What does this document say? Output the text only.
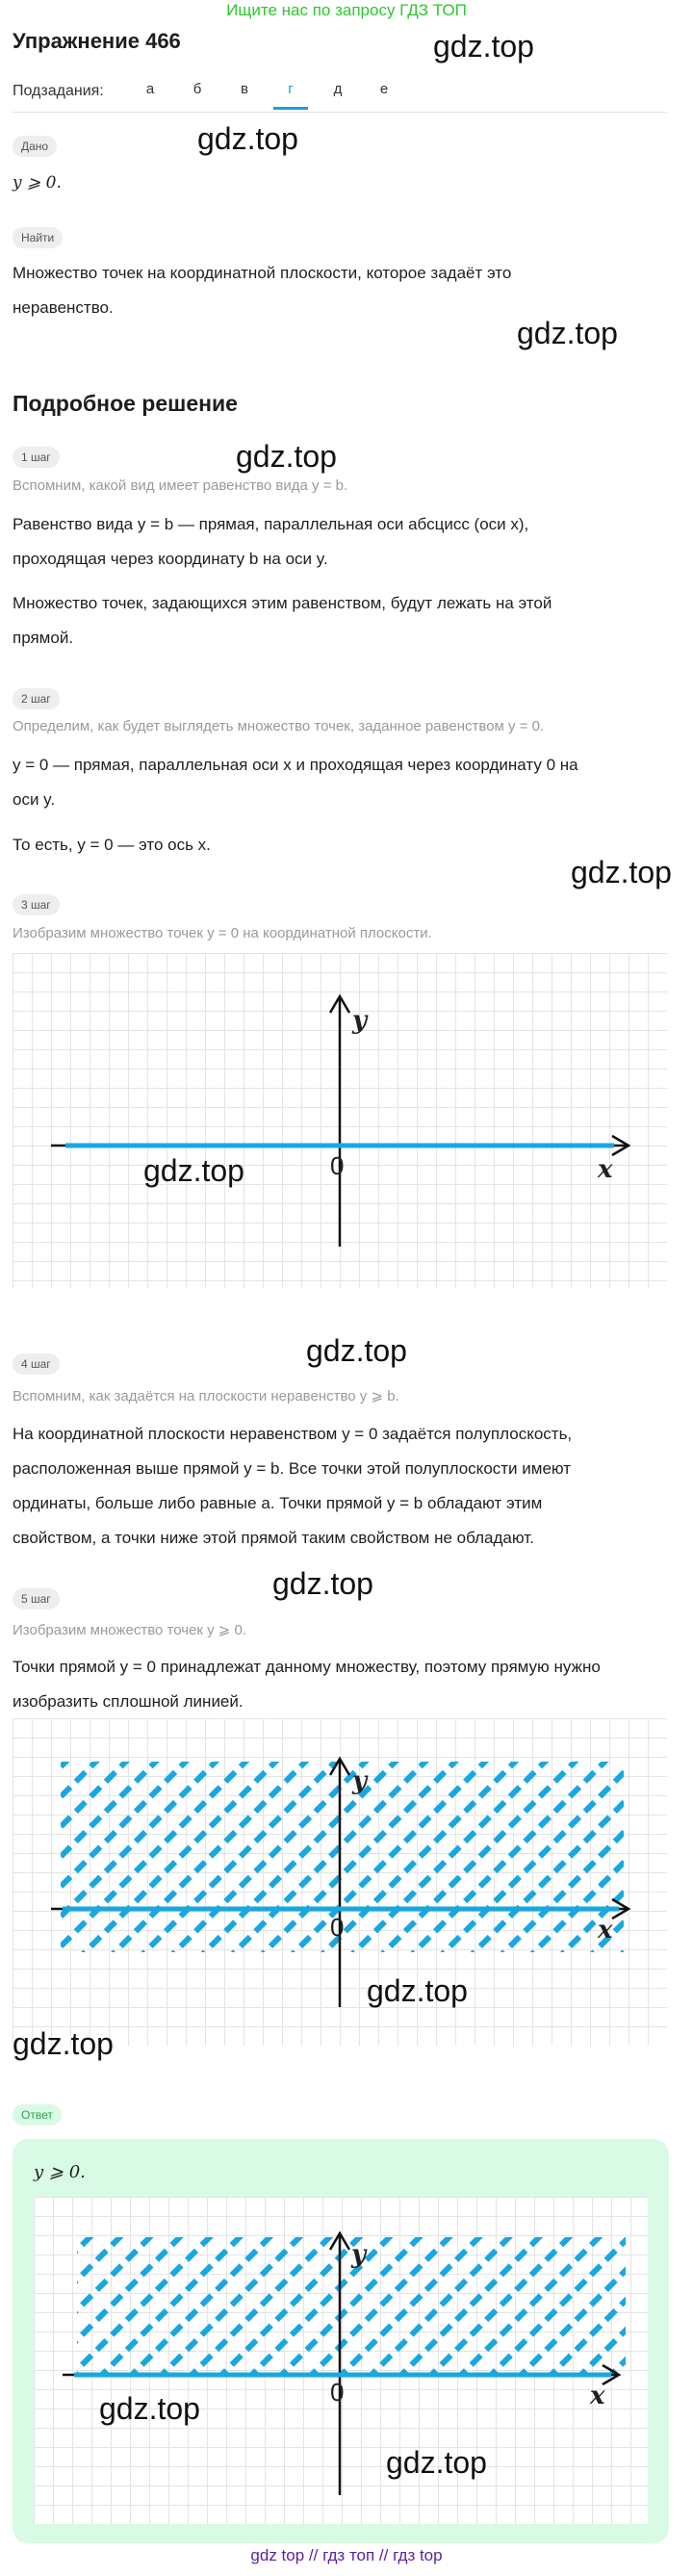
Ищите нас по запросу ГДЗ ТОП
Упражнение 466	gdz.top
Подзадания:	а	б	в	г	д	е
gdz.top
Дано
y ⩾ 0.
Найти
Множество точек на координатной плоскости, которое задаёт это
неравенство.
gdz.top
Подробное решение
1 шаг	gdz.top
Вспомним, какой вид имеет равенство вида y = b.
Равенство вида y = b — прямая, параллельная оси абсцисс (оси x),
проходящая через координату b на оси y.
Множество точек, задающихся этим равенством, будут лежать на этой
прямой.
2 шаг
Определим, как будет выглядеть множество точек, заданное равенством y = 0.
y = 0 — прямая, параллельная оси x и проходящая через координату 0 на
оси y.
То есть, y = 0 — это ось x.
gdz.top
3 шаг
Изобразим множество точек y = 0 на координатной плоскости.
y
x
0
gdz.top
gdz.top
4 шаг
Вспомним, как задаётся на плоскости неравенство y ⩾ b.
На координатной плоскости неравенством y = 0 задаётся полуплоскость,
расположенная выше прямой y = b. Все точки этой полуплоскости имеют
ординаты, больше либо равные a. Точки прямой y = b обладают этим
свойством, а точки ниже этой прямой таким свойством не обладают.
gdz.top
5 шаг
Изобразим множество точек y ⩾ 0.
Точки прямой y = 0 принадлежат данному множеству, поэтому прямую нужно
изобразить сплошной линией.
y
x
0
gdz.top
gdz.top
Ответ
y ⩾ 0.
y
x
0
gdz.top
gdz.top
gdz top // гдз топ // гдз top
